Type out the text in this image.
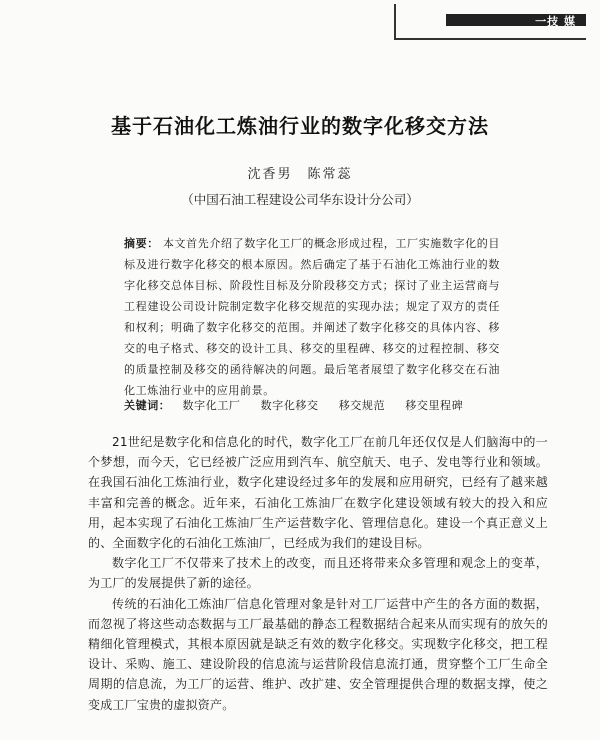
一技 媒
基于石油化工炼油行业的数字化移交方法
沈香男　陈常蕊
（中国石油工程建设公司华东设计分公司）
摘要： 本文首先介绍了数字化工厂的概念形成过程，工厂实施数字化的目标及进行数字化移交的根本原因。然后确定了基于石油化工炼油行业的数字化移交总体目标、阶段性目标及分阶段移交方式；探讨了业主运营商与工程建设公司设计院制定数字化移交规范的实现办法；规定了双方的责任和权利；明确了数字化移交的范围。并阐述了数字化移交的具体内容、移交的电子格式、移交的设计工具、移交的里程碑、移交的过程控制、移交的质量控制及移交的函待解决的问题。最后笔者展望了数字化移交在石油化工炼油行业中的应用前景。
关键词： 数字化工厂 数字化移交 移交规范 移交里程碑

21世纪是数字化和信息化的时代，数字化工厂在前几年还仅仅是人们脑海中的一个梦想，而今天，它已经被广泛应用到汽车、航空航天、电子、发电等行业和领域。在我国石油化工炼油行业，数字化建设经过多年的发展和应用研究，已经有了越来越丰富和完善的概念。近年来，石油化工炼油厂在数字化建设领域有较大的投入和应用，起本实现了石油化工炼油厂生产运营数字化、管理信息化。建设一个真正意义上的、全面数字化的石油化工炼油厂，已经成为我们的建设目标。

数字化工厂不仅带来了技术上的改变，而且还将带来众多管理和观念上的变革，为工厂的发展提供了新的途径。

传统的石油化工炼油厂信息化管理对象是针对工厂运营中产生的各方面的数据，而忽视了将这些动态数据与工厂最基础的静态工程数据结合起来从而实现有的放矢的精细化管理模式，其根本原因就是缺乏有效的数字化移交。实现数字化移交，把工程设计、采购、施工、建设阶段的信息流与运营阶段信息流打通，贯穿整个工厂生命全周期的信息流，为工厂的运营、维护、改扩建、安全管理提供合理的数据支撑，使之变成工厂宝贵的虚拟资产。
